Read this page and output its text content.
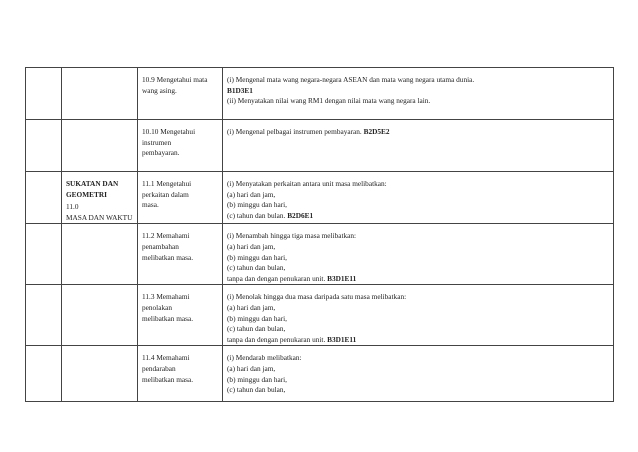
		10.9 Mengetahui mata
wang asing.	(i) Mengenal mata wang negara-negara ASEAN dan mata wang negara utama dunia.
B1D3E1
(ii) Menyatakan nilai wang RM1 dengan nilai mata wang negara lain.

		10.10 Mengetahui
instrumen
pembayaran.	(i) Mengenal pelbagai instrumen pembayaran. B2D5E2

	SUKATAN DAN
GEOMETRI
11.0
MASA DAN WAKTU	11.1 Mengetahui
perkaitan dalam
masa.	(i) Menyatakan perkaitan antara unit masa melibatkan:
(a) hari dan jam,
(b) minggu dan hari,
(c) tahun dan bulan. B2D6E1

		11.2 Memahami
penambahan
melibatkan masa.	(i) Menambah hingga tiga masa melibatkan:
(a) hari dan jam,
(b) minggu dan hari,
(c) tahun dan bulan,
tanpa dan dengan penukaran unit. B3D1E11

		11.3 Memahami
penolakan
melibatkan masa.	(i) Menolak hingga dua masa daripada satu masa melibatkan:
(a) hari dan jam,
(b) minggu dan hari,
(c) tahun dan bulan,
tanpa dan dengan penukaran unit. B3D1E11

		11.4 Memahami
pendaraban
melibatkan masa.	(i) Mendarab melibatkan:
(a) hari dan jam,
(b) minggu dan hari,
(c) tahun dan bulan,
